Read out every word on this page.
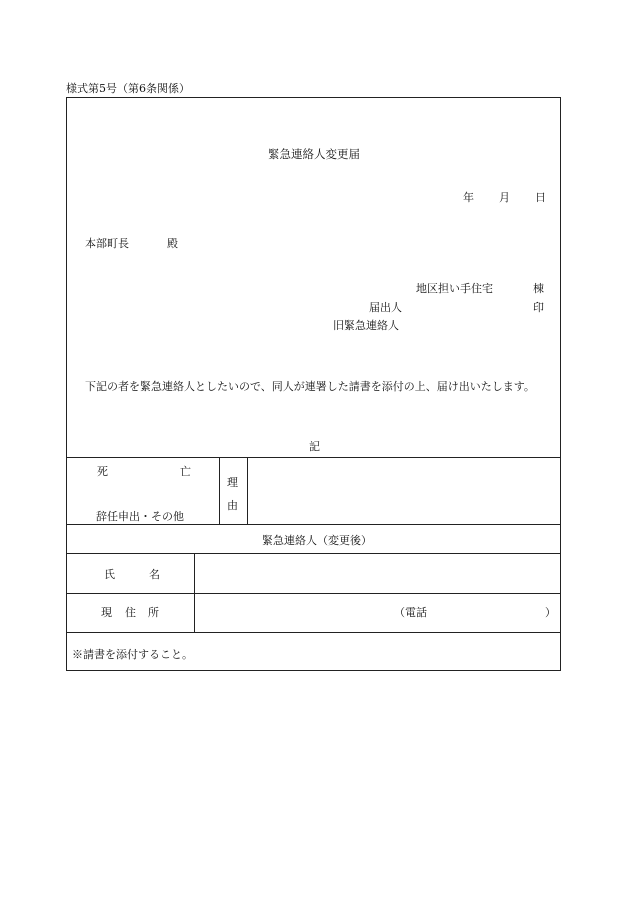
様式第5号（第6条関係）
緊急連絡人変更届
年 月 日
本部町長	殿
地区担い手住宅	棟
届出人	印
旧緊急連絡人
下記の者を緊急連絡人としたいので、同人が連署した請書を添付の上、届け出いたします。
記
死	亡
辞任申出・その他
理
由
緊急連絡人（変更後）
氏	名
現 住 所	（電話	）
※請書を添付すること。
